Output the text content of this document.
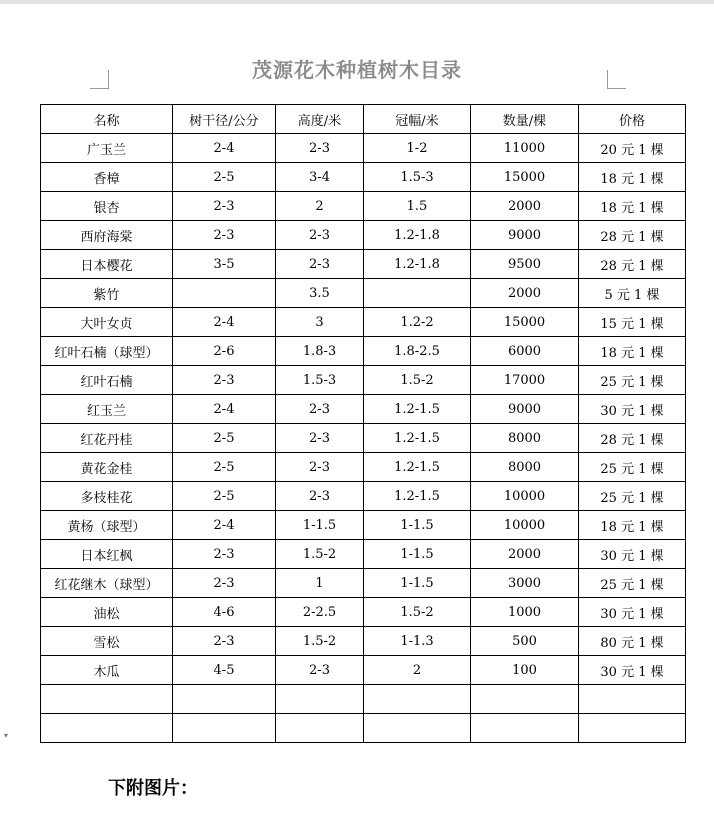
茂源花木种植树木目录
名称	树干径/公分	高度/米	冠幅/米	数量/棵	价格
广玉兰	2-4	2-3	1-2	11000	20 元 1 棵
香樟	2-5	3-4	1.5-3	15000	18 元 1 棵
银杏	2-3	2	1.5	2000	18 元 1 棵
西府海棠	2-3	2-3	1.2-1.8	9000	28 元 1 棵
日本樱花	3-5	2-3	1.2-1.8	9500	28 元 1 棵
紫竹		3.5		2000	5 元 1 棵
大叶女贞	2-4	3	1.2-2	15000	15 元 1 棵
红叶石楠（球型）	2-6	1.8-3	1.8-2.5	6000	18 元 1 棵
红叶石楠	2-3	1.5-3	1.5-2	17000	25 元 1 棵
红玉兰	2-4	2-3	1.2-1.5	9000	30 元 1 棵
红花丹桂	2-5	2-3	1.2-1.5	8000	28 元 1 棵
黄花金桂	2-5	2-3	1.2-1.5	8000	25 元 1 棵
多枝桂花	2-5	2-3	1.2-1.5	10000	25 元 1 棵
黄杨（球型）	2-4	1-1.5	1-1.5	10000	18 元 1 棵
日本红枫	2-3	1.5-2	1-1.5	2000	30 元 1 棵
红花继木（球型）	2-3	1	1-1.5	3000	25 元 1 棵
油松	4-6	2-2.5	1.5-2	1000	30 元 1 棵
雪松	2-3	1.5-2	1-1.3	500	80 元 1 棵
木瓜	4-5	2-3	2	100	30 元 1 棵

▾
下附图片：
